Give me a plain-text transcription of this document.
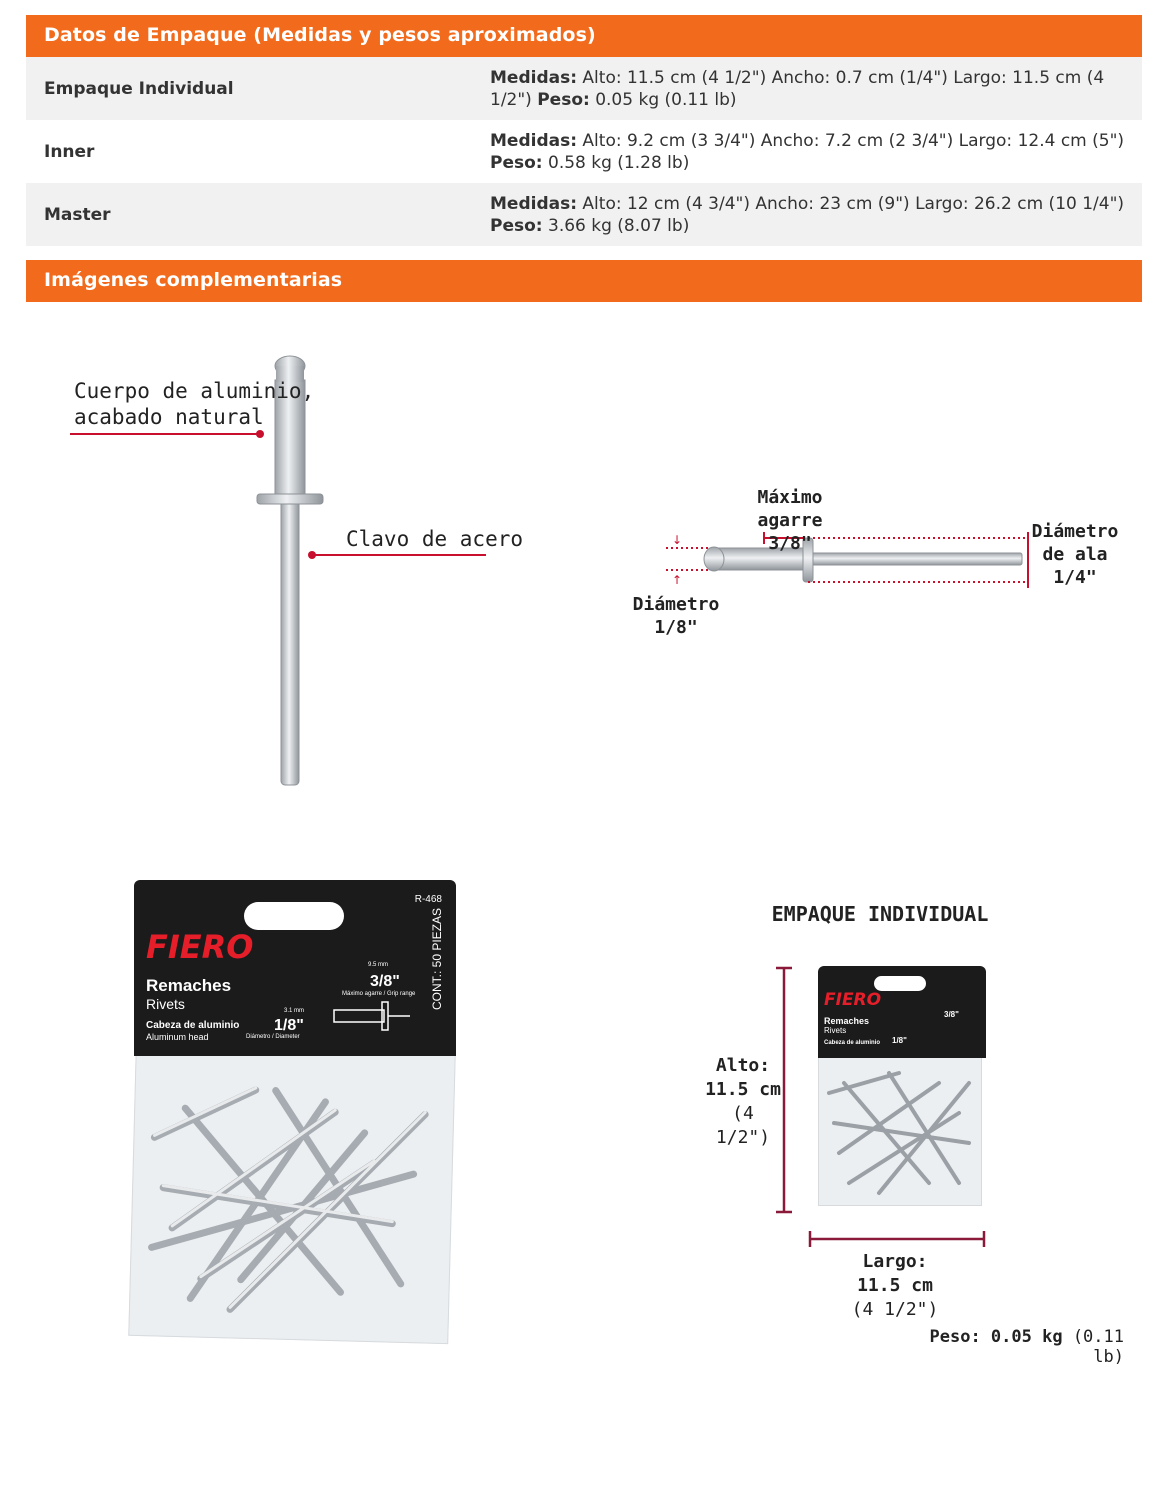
Datos de Empaque (Medidas y pesos aproximados)
Empaque Individual
Medidas: Alto: 11.5 cm (4 1/2") Ancho: 0.7 cm (1/4") Largo: 11.5 cm (4
1/2") Peso: 0.05 kg (0.11 lb)
Inner
Medidas: Alto: 9.2 cm (3 3/4") Ancho: 7.2 cm (2 3/4") Largo: 12.4 cm (5")
Peso: 0.58 kg (1.28 lb)
Master
Medidas: Alto: 12 cm (4 3/4") Ancho: 23 cm (9") Largo: 26.2 cm (10 1/4")
Peso: 3.66 kg (8.07 lb)
Imágenes complementarias
Cuerpo de aluminio,
acabado natural
Clavo de acero	↓
↑
Máximo agarre
3/8"
Diámetro
de ala
1/4"
Diámetro
1/8"
R-468
FIERO
Remaches
Rivets
Cabeza de aluminio
Aluminum head
3/8"
9.5 mm
Máximo agarre / Grip range
1/8"
3.1 mm
Diámetro / Diameter
CONT.: 50 PIEZAS	EMPAQUE INDIVIDUAL
FIERO
Remaches
Rivets
Cabeza de aluminio
3/8"
1/8"
Alto:
11.5 cm
(4 1/2")
Largo:
11.5 cm
(4 1/2")
Peso: 0.05 kg (0.11 lb)
